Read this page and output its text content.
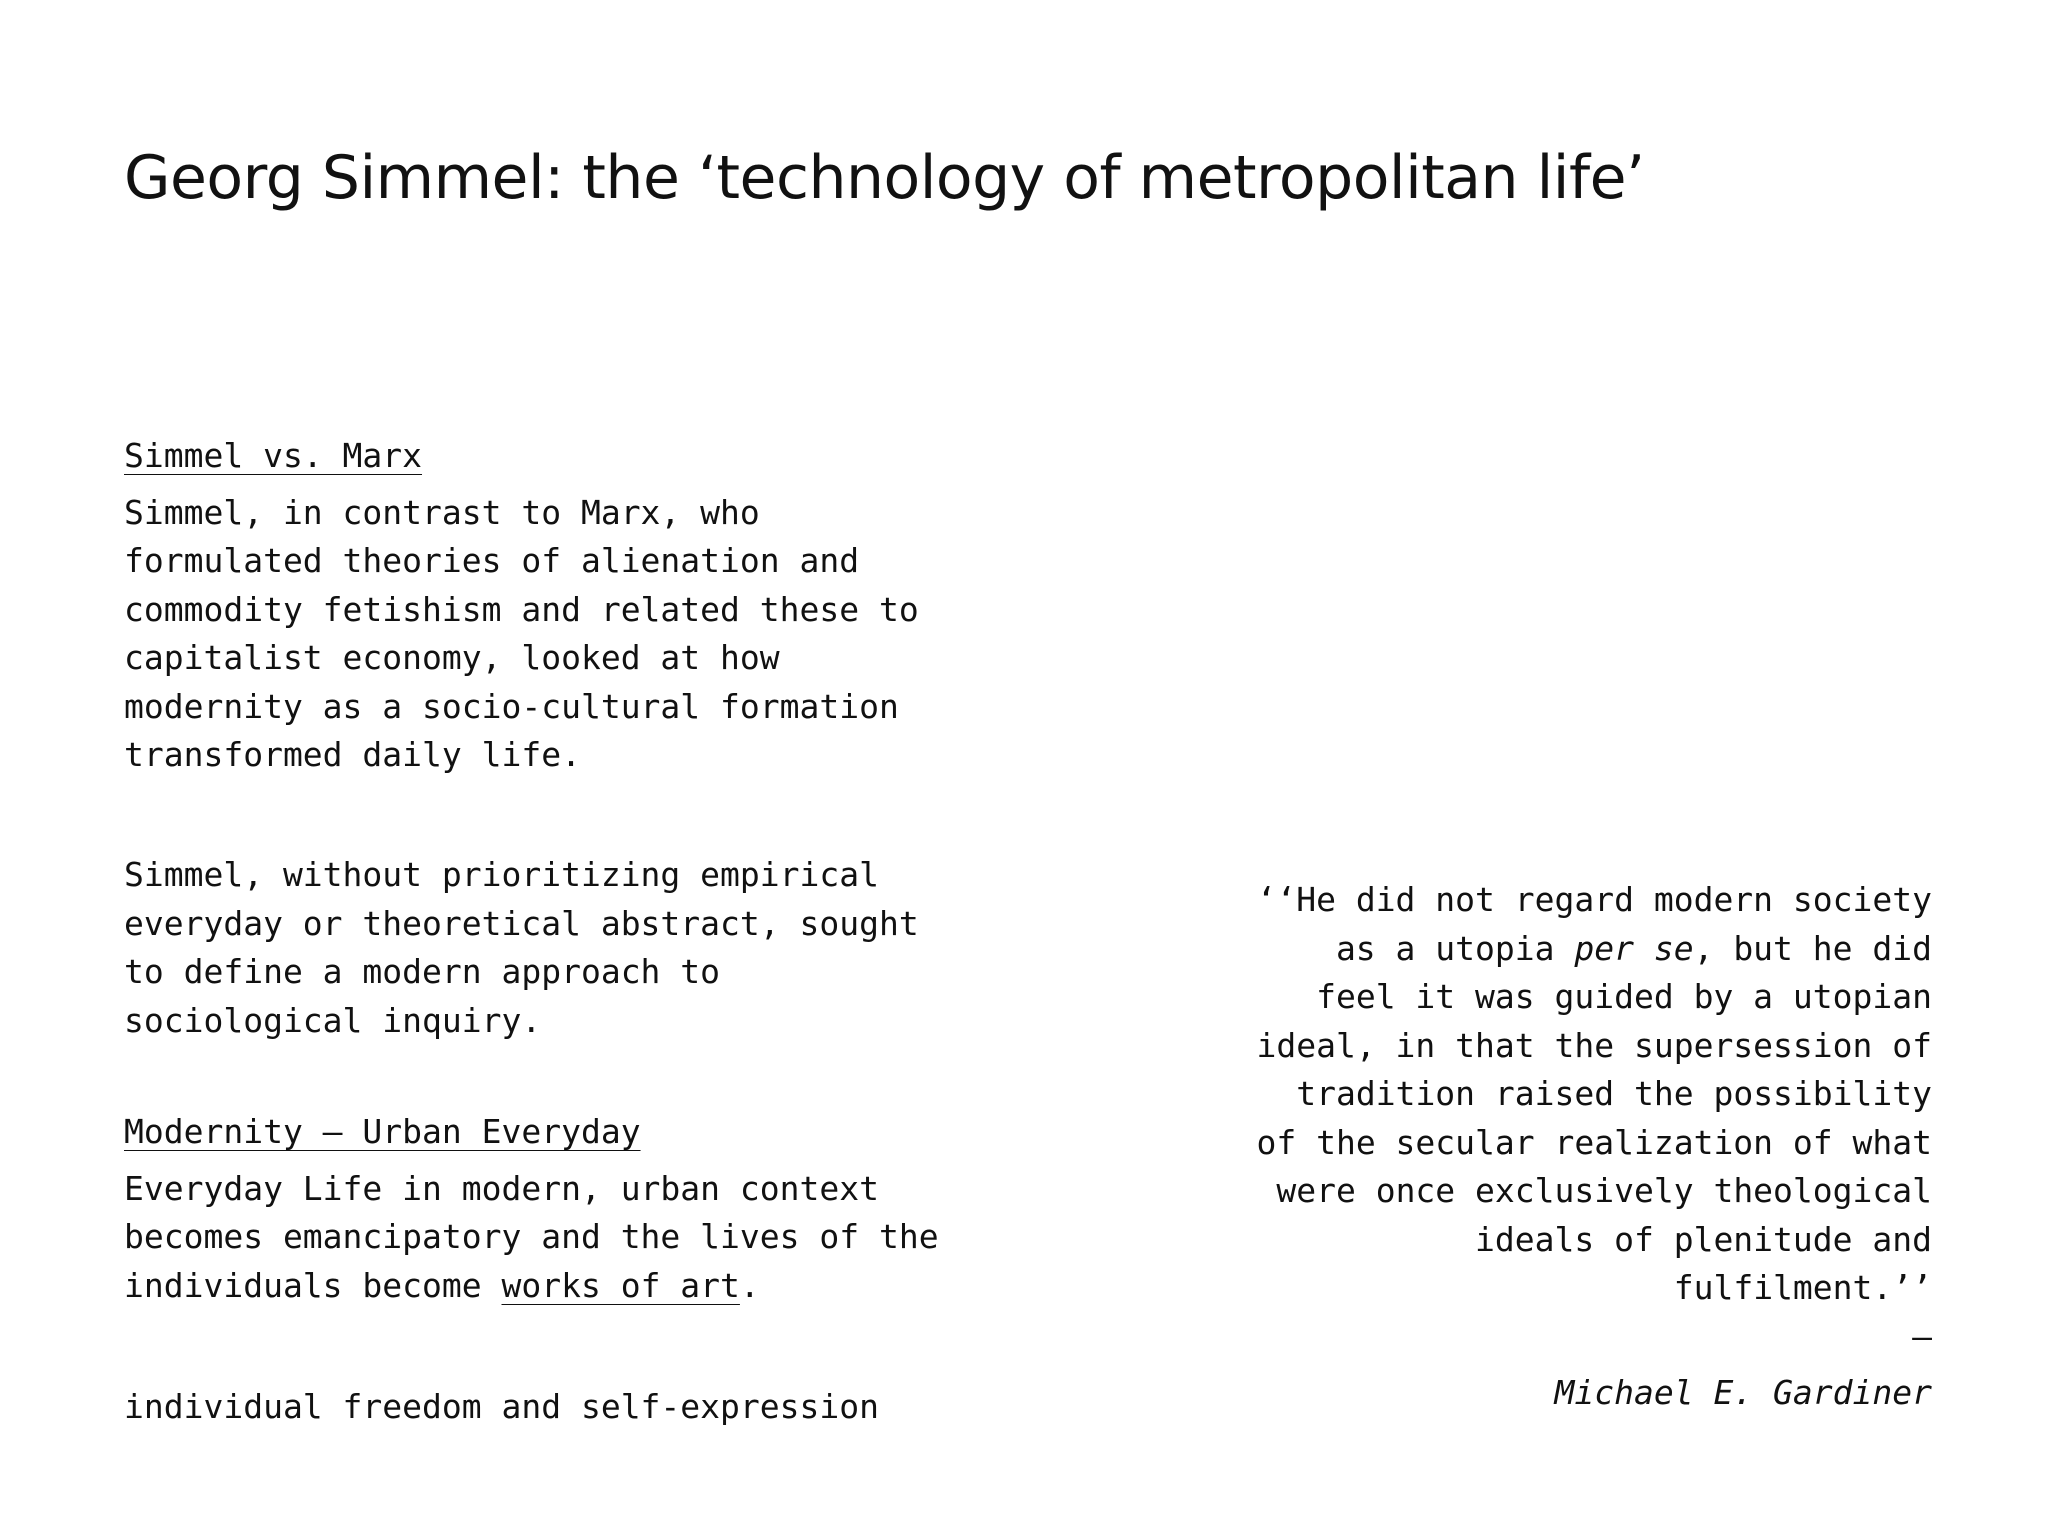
Georg Simmel: the ‘technology of metropolitan life’

Simmel vs. Marx

Simmel, in contrast to Marx, who
formulated theories of alienation and
commodity fetishism and related these to
capitalist economy, looked at how
modernity as a socio-cultural formation
transformed daily life.

Simmel, without prioritizing empirical
everyday or theoretical abstract, sought
to define a modern approach to
sociological inquiry.

Modernity – Urban Everyday

Everyday Life in modern, urban context
becomes emancipatory and the lives of the
individuals become works of art.

individual freedom and self-expression

‘‘He did not regard modern society
as a utopia per se, but he did
feel it was guided by a utopian
ideal, in that the supersession of
tradition raised the possibility
of the secular realization of what
were once exclusively theological
ideals of plenitude and
fulfilment.’’
–
Michael E. Gardiner
